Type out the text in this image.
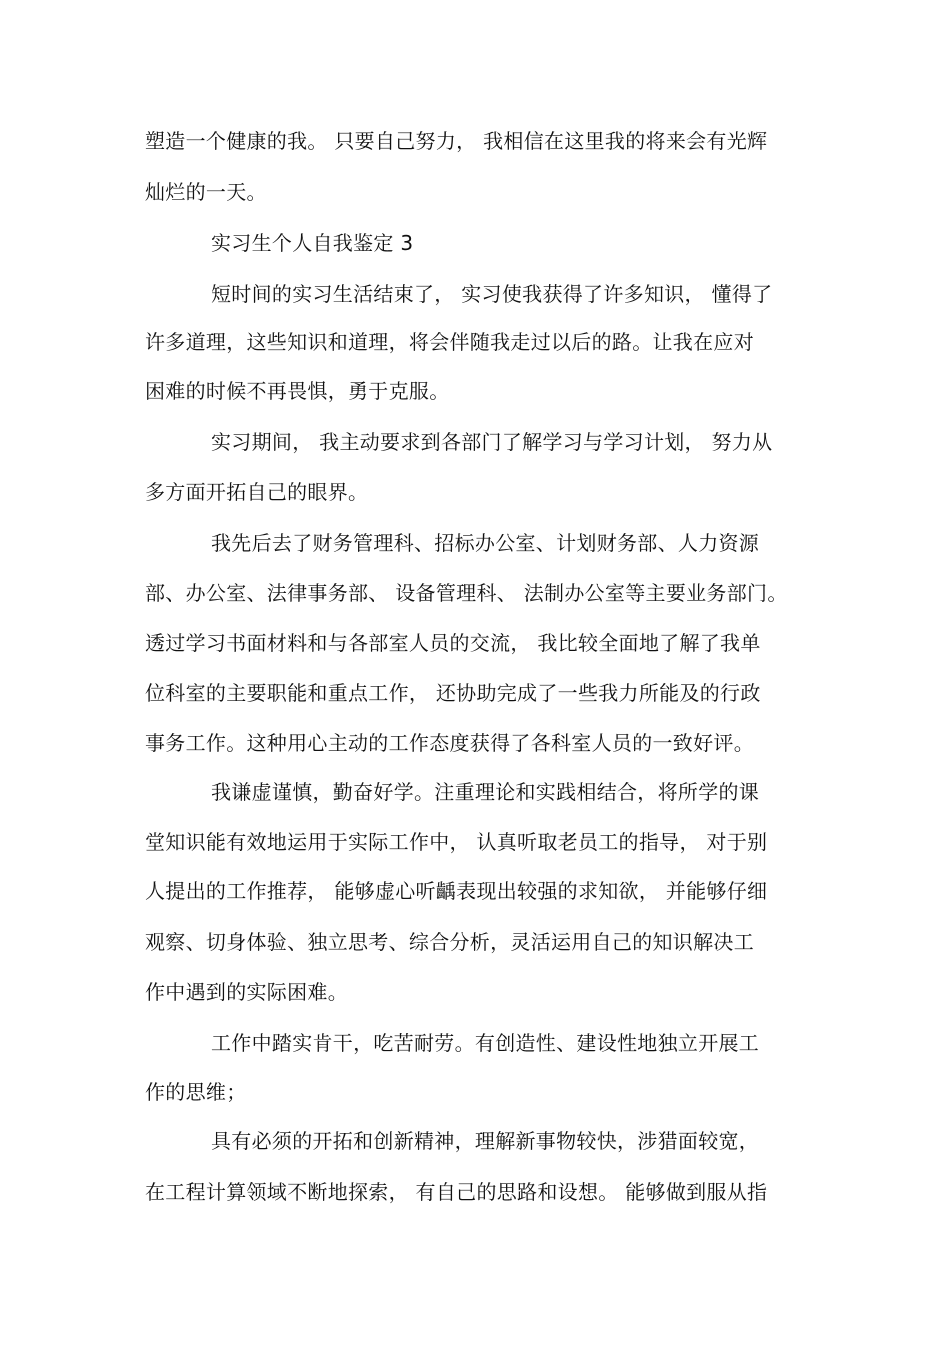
塑造一个健康的我。 只要自己努力， 我相信在这里我的将来会有光辉
灿烂的一天。
实习生个人自我鉴定 3
短时间的实习生活结束了， 实习使我获得了许多知识， 懂得了
许多道理，这些知识和道理，将会伴随我走过以后的路。让我在应对
困难的时候不再畏惧，勇于克服。
实习期间， 我主动要求到各部门了解学习与学习计划， 努力从
多方面开拓自己的眼界。
我先后去了财务管理科、招标办公室、计划财务部、人力资源
部、办公室、法律事务部、 设备管理科、 法制办公室等主要业务部门。
透过学习书面材料和与各部室人员的交流， 我比较全面地了解了我单
位科室的主要职能和重点工作， 还协助完成了一些我力所能及的行政
事务工作。这种用心主动的工作态度获得了各科室人员的一致好评。
我谦虚谨慎，勤奋好学。注重理论和实践相结合，将所学的课
堂知识能有效地运用于实际工作中， 认真听取老员工的指导， 对于别
人提出的工作推荐， 能够虚心听齲表现出较强的求知欲， 并能够仔细
观察、切身体验、独立思考、综合分析，灵活运用自己的知识解决工
作中遇到的实际困难。
工作中踏实肯干，吃苦耐劳。有创造性、建设性地独立开展工
作的思维；
具有必须的开拓和创新精神，理解新事物较快，涉猎面较宽，
在工程计算领域不断地探索， 有自己的思路和设想。 能够做到服从指
